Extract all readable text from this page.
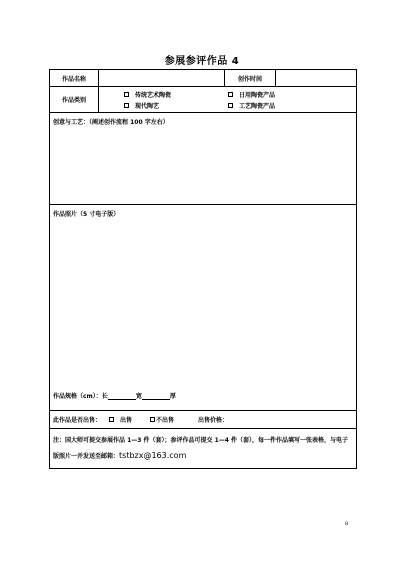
参展参评作品 4
作品名称		创作时间	
作品类别	传统艺术陶瓷 日用陶瓷产品
现代陶艺 工艺陶瓷产品		

创意与工艺：（阐述创作流程 100 字左右）			
作品照片（5 寸电子版）
作品规格（cm）：长 宽 厚			

此作品是否出售： 出售 不出售 出售价格：			

注：国大师可提交参展作品 1—3 件（套）；参评作品可提交 1—4 件（套），每一件作品填写一张表格，与电子版照片一并发送至邮箱：tstbzx@163.com			
8
